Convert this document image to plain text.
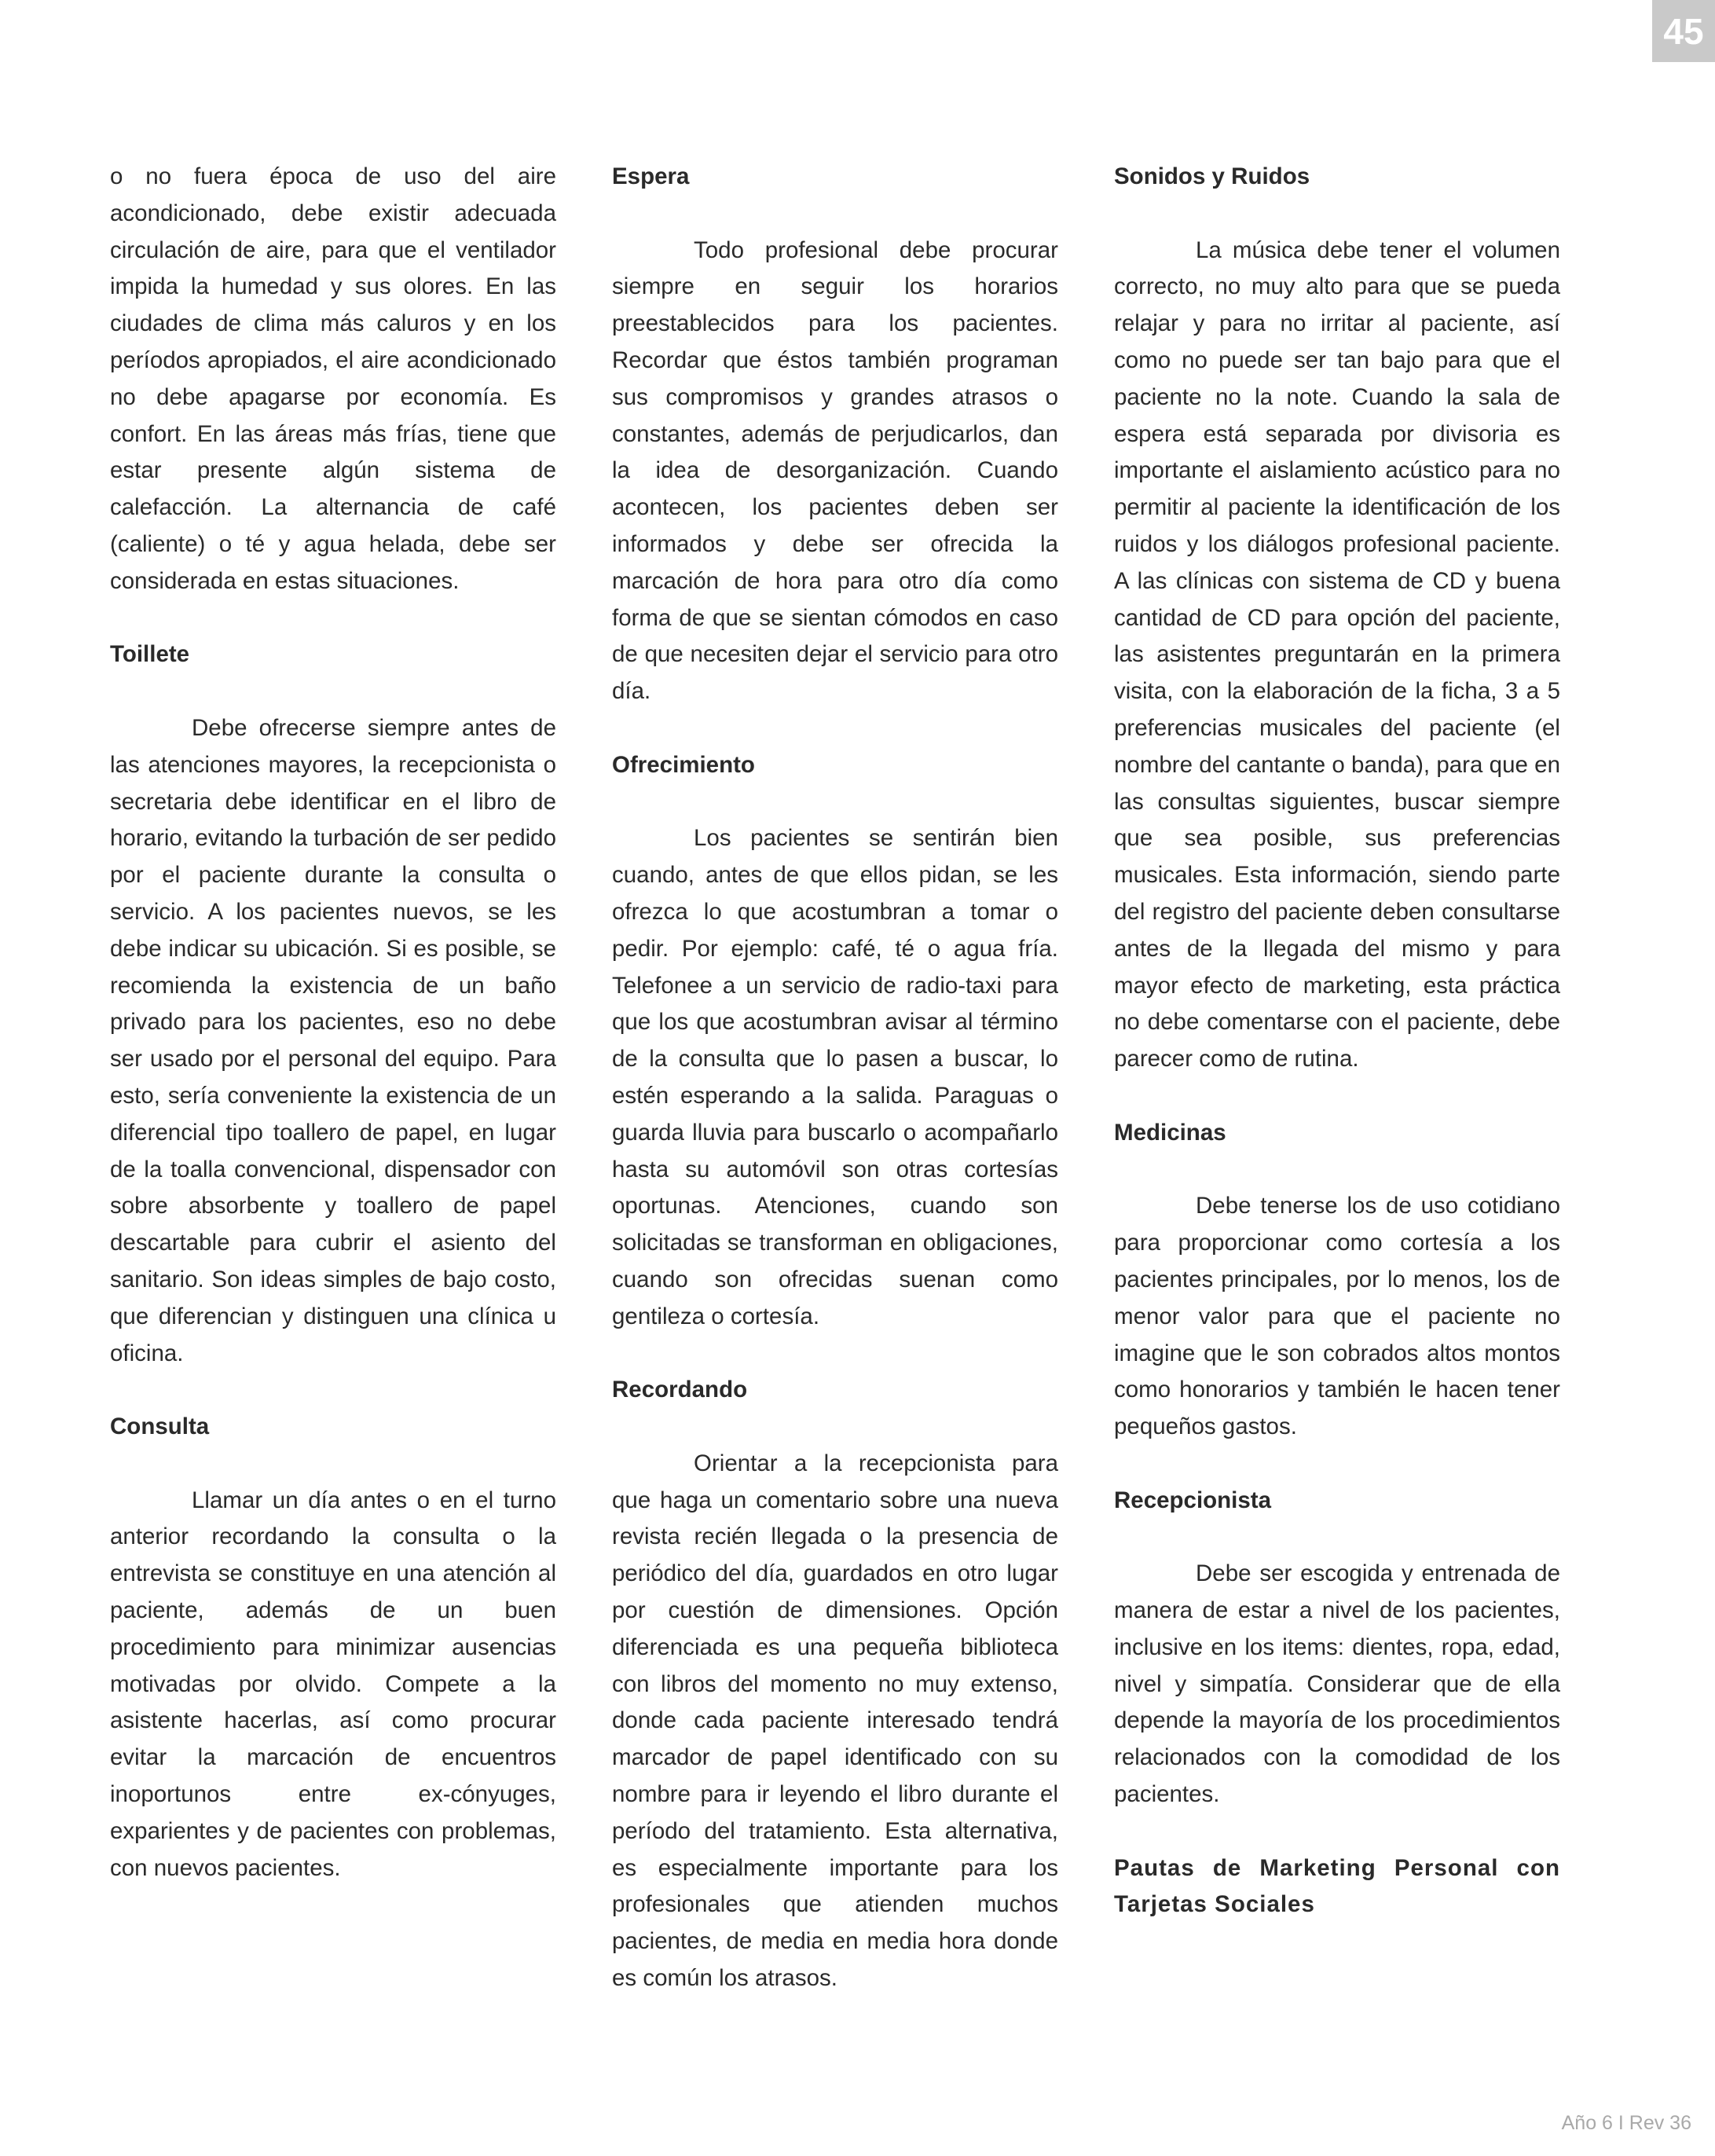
45

o no fuera época de uso del aire acondicionado, debe existir adecuada circulación de aire, para que el ventilador impida la humedad y sus olores. En las ciudades de clima más caluros y en los períodos apropiados, el aire acondicionado no debe apagarse por economía. Es confort. En las áreas más frías, tiene que estar presente algún sistema de calefacción. La alternancia de café (caliente) o té y agua helada, debe ser considerada en estas situaciones.

Toillete

Debe ofrecerse siempre antes de las atenciones mayores, la recepcionista o secretaria debe identificar en el libro de horario, evitando la turbación de ser pedido por el paciente durante la consulta o servicio. A los pacientes nuevos, se les debe indicar su ubicación. Si es posible, se recomienda la existencia de un baño privado para los pacientes, eso no debe ser usado por el personal del equipo. Para esto, sería conveniente la existencia de un diferencial tipo toallero de papel, en lugar de la toalla convencional, dispensador con sobre absorbente y toallero de papel descartable para cubrir el asiento del sanitario. Son ideas simples de bajo costo, que diferencian y distinguen una clínica u oficina.

Consulta

Llamar un día antes o en el turno anterior recordando la consulta o la entrevista se constituye en una atención al paciente, además de un buen procedimiento para minimizar ausencias motivadas por olvido. Compete a la asistente hacerlas, así como procurar evitar la marcación de encuentros inoportunos entre ex-cónyuges, exparientes y de pacientes con problemas, con nuevos pacientes.

Espera

Todo profesional debe procurar siempre en seguir los horarios preestablecidos para los pacientes. Recordar que éstos también programan sus compromisos y grandes atrasos o constantes, además de perjudicarlos, dan la idea de desorganización. Cuando acontecen, los pacientes deben ser informados y debe ser ofrecida la marcación de hora para otro día como forma de que se sientan cómodos en caso de que necesiten dejar el servicio para otro día.

Ofrecimiento

Los pacientes se sentirán bien cuando, antes de que ellos pidan, se les ofrezca lo que acostumbran a tomar o pedir. Por ejemplo: café, té o agua fría. Telefonee a un servicio de radio-taxi para que los que acostumbran avisar al término de la consulta que lo pasen a buscar, lo estén esperando a la salida. Paraguas o guarda lluvia para buscarlo o acompañarlo hasta su automóvil son otras cortesías oportunas. Atenciones, cuando son solicitadas se transforman en obligaciones, cuando son ofrecidas suenan como gentileza o cortesía.

Recordando

Orientar a la recepcionista para que haga un comentario sobre una nueva revista recién llegada o la presencia de periódico del día, guardados en otro lugar por cuestión de dimensiones. Opción diferenciada es una pequeña biblioteca con libros del momento no muy extenso, donde cada paciente interesado tendrá marcador de papel identificado con su nombre para ir leyendo el libro durante el período del tratamiento. Esta alternativa, es especialmente importante para los profesionales que atienden muchos pacientes, de media en media hora donde es común los atrasos.

Sonidos y Ruidos

La música debe tener el volumen correcto, no muy alto para que se pueda relajar y para no irritar al paciente, así como no puede ser tan bajo para que el paciente no la note. Cuando la sala de espera está separada por divisoria es importante el aislamiento acústico para no permitir al paciente la identificación de los ruidos y los diálogos profesional paciente. A las clínicas con sistema de CD y buena cantidad de CD para opción del paciente, las asistentes preguntarán en la primera visita, con la elaboración de la ficha, 3 a 5 preferencias musicales del paciente (el nombre del cantante o banda), para que en las consultas siguientes, buscar siempre que sea posible, sus preferencias musicales. Esta información, siendo parte del registro del paciente deben consultarse antes de la llegada del mismo y para mayor efecto de marketing, esta práctica no debe comentarse con el paciente, debe parecer como de rutina.

Medicinas

Debe tenerse los de uso cotidiano para proporcionar como cortesía a los pacientes principales, por lo menos, los de menor valor para que el paciente no imagine que le son cobrados altos montos como honorarios y también le hacen tener pequeños gastos.

Recepcionista

Debe ser escogida y entrenada de manera de estar a nivel de los pacientes, inclusive en los items: dientes, ropa, edad, nivel y simpatía. Considerar que de ella depende la mayoría de los procedimientos relacionados con la comodidad de los pacientes.

Pautas de Marketing Personal con Tarjetas Sociales
Año 6 I Rev 36
